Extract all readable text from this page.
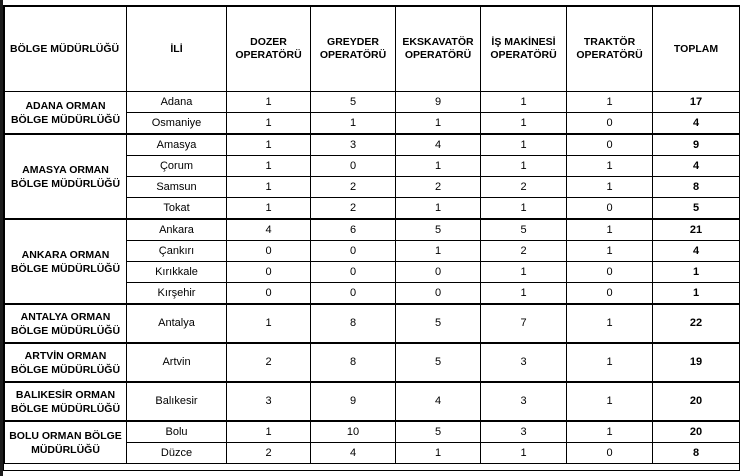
BÖLGE MÜDÜRLÜĞÜ	İLİ	DOZER OPERATÖRÜ	GREYDER OPERATÖRÜ	EKSKAVATÖR OPERATÖRÜ	İŞ MAKİNESİ OPERATÖRÜ	TRAKTÖR OPERATÖRÜ	TOPLAM
ADANA ORMAN BÖLGE MÜDÜRLÜĞÜ	Adana	1	5	9	1	1	17
	Osmaniye	1	1	1	1	0	4
AMASYA ORMAN BÖLGE MÜDÜRLÜĞÜ	Amasya	1	3	4	1	0	9
	Çorum	1	0	1	1	1	4
	Samsun	1	2	2	2	1	8
	Tokat	1	2	1	1	0	5
ANKARA ORMAN BÖLGE MÜDÜRLÜĞÜ	Ankara	4	6	5	5	1	21
	Çankırı	0	0	1	2	1	4
	Kırıkkale	0	0	0	1	0	1
	Kırşehir	0	0	0	1	0	1
ANTALYA ORMAN BÖLGE MÜDÜRLÜĞÜ	Antalya	1	8	5	7	1	22
ARTVİN ORMAN BÖLGE MÜDÜRLÜĞÜ	Artvin	2	8	5	3	1	19
BALIKESİR ORMAN BÖLGE MÜDÜRLÜĞÜ	Balıkesir	3	9	4	3	1	20
BOLU ORMAN BÖLGE MÜDÜRLÜĞÜ	Bolu	1	10	5	3	1	20
	Düzce	2	4	1	1	0	8
